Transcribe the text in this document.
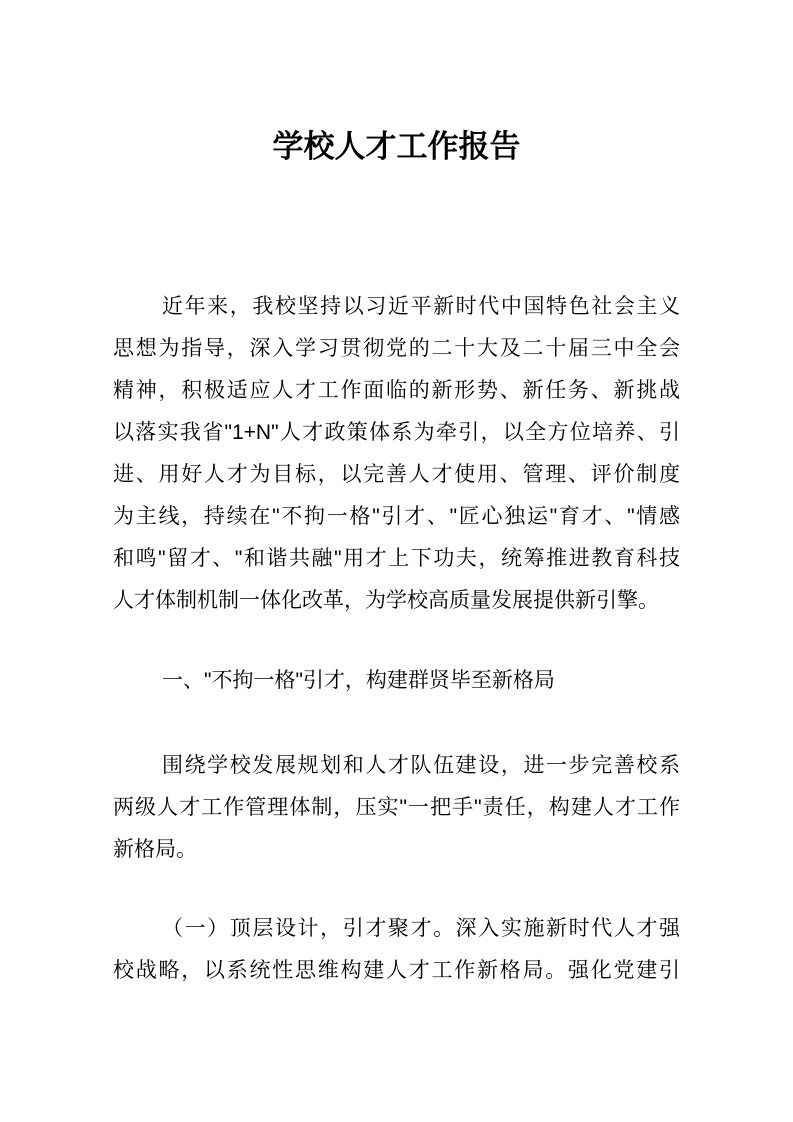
学校人才工作报告
近年来，我校坚持以习近平新时代中国特色社会主义
思想为指导，深入学习贯彻党的二十大及二十届三中全会
精神，积极适应人才工作面临的新形势、新任务、新挑战
以落实我省"1+N"人才政策体系为牵引，以全方位培养、引
进、用好人才为目标，以完善人才使用、管理、评价制度
为主线，持续在"不拘一格"引才、"匠心独运"育才、"情感
和鸣"留才、"和谐共融"用才上下功夫，统筹推进教育科技
人才体制机制一体化改革，为学校高质量发展提供新引擎。
一、"不拘一格"引才，构建群贤毕至新格局
围绕学校发展规划和人才队伍建设，进一步完善校系
两级人才工作管理体制，压实"一把手"责任，构建人才工作
新格局。
（一）顶层设计，引才聚才。深入实施新时代人才强
校战略，以系统性思维构建人才工作新格局。强化党建引
